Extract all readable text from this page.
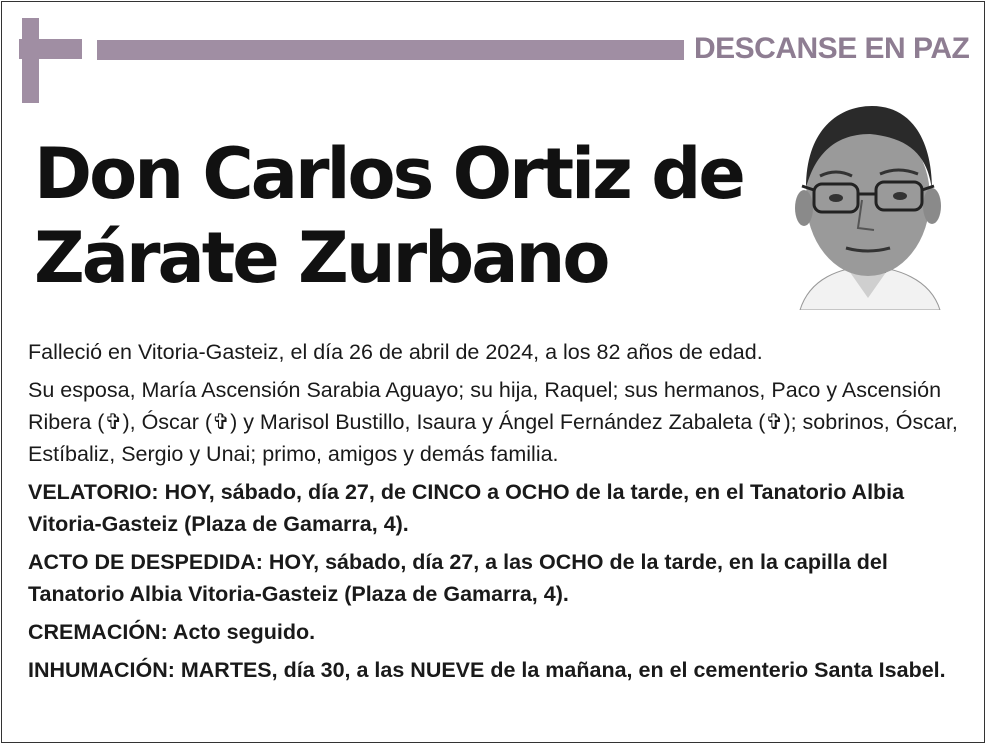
DESCANSE EN PAZ
Don Carlos Ortiz de Zárate Zurbano

Falleció en Vitoria-Gasteiz, el día 26 de abril de 2024, a los 82 años de edad.

Su esposa, María Ascensión Sarabia Aguayo; su hija, Raquel; sus hermanos, Paco y Ascensión Ribera (✞), Óscar (✞) y Marisol Bustillo, Isaura y Ángel Fernández Zabaleta (✞); sobrinos, Óscar, Estíbaliz, Sergio y Unai; primo, amigos y demás familia.

VELATORIO: HOY, sábado, día 27, de CINCO a OCHO de la tarde, en el Tanatorio Albia Vitoria-Gasteiz (Plaza de Gamarra, 4).

ACTO DE DESPEDIDA: HOY, sábado, día 27, a las OCHO de la tarde, en la capilla del Tanatorio Albia Vitoria-Gasteiz (Plaza de Gamarra, 4).

CREMACIÓN: Acto seguido.

INHUMACIÓN: MARTES, día 30, a las NUEVE de la mañana, en el cementerio Santa Isabel.
